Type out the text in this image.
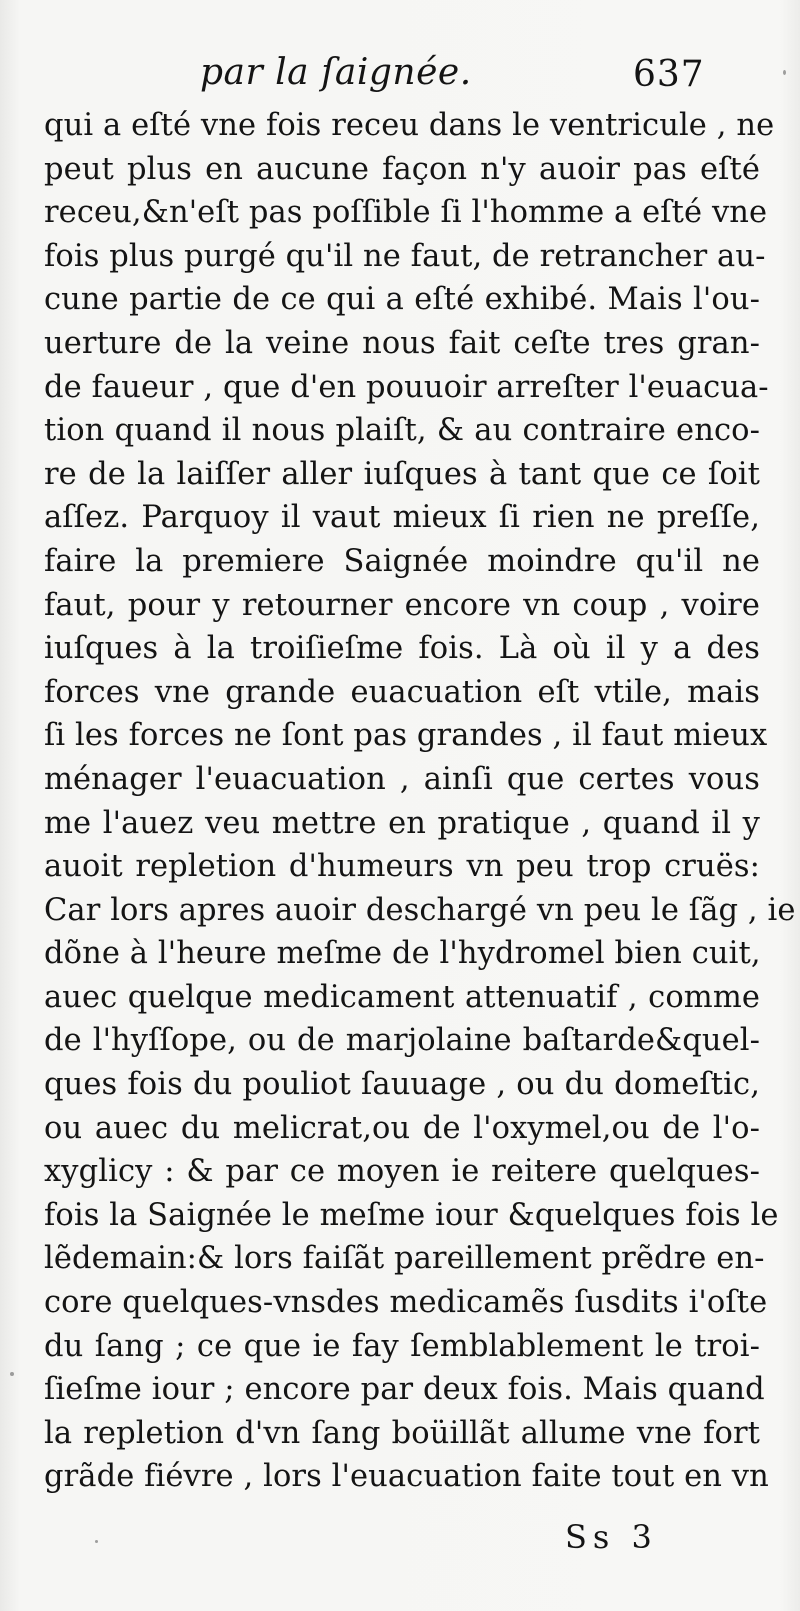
par la ſaignée.	637
qui a eſté vne fois receu dans le ventricule , ne
peut plus en aucune façon n'y auoir pas eſté
receu,&n'eſt pas poſſible ſi l'homme a eſté vne
fois plus purgé qu'il ne faut, de retrancher au-
cune partie de ce qui a eſté exhibé. Mais l'ou-
uerture de la veine nous fait ceſte tres gran-
de faueur , que d'en pouuoir arreſter l'euacua-
tion quand il nous plaiſt, & au contraire enco-
re de la laiſſer aller iuſques à tant que ce ſoit
aſſez. Parquoy il vaut mieux ſi rien ne preſſe,
faire la premiere Saignée moindre qu'il ne
faut, pour y retourner encore vn coup , voire
iuſques à la troiſieſme fois. Là où il y a des
forces vne grande euacuation eſt vtile, mais
ſi les forces ne ſont pas grandes , il faut mieux
ménager l'euacuation , ainſi que certes vous
me l'auez veu mettre en pratique , quand il y
auoit repletion d'humeurs vn peu trop cruës:
Car lors apres auoir deschargé vn peu le ſãg , ie
dõne à l'heure meſme de l'hydromel bien cuit,
auec quelque medicament attenuatif , comme
de l'hyſſope, ou de marjolaine baſtarde&quel-
ques fois du pouliot ſauuage , ou du domeſtic,
ou auec du melicrat,ou de l'oxymel,ou de l'o-
xyglicy : & par ce moyen ie reitere quelques-
fois la Saignée le meſme iour &quelques fois le
lẽdemain:& lors faiſãt pareillement prẽdre en-
core quelques-vnsdes medicamẽs ſusdits i'oſte
du ſang ; ce que ie fay ſemblablement le troi-
ſieſme iour ; encore par deux fois. Mais quand
la repletion d'vn ſang boüillãt allume vne fort
grãde fiévre , lors l'euacuation faite tout en vn
Ss 3
